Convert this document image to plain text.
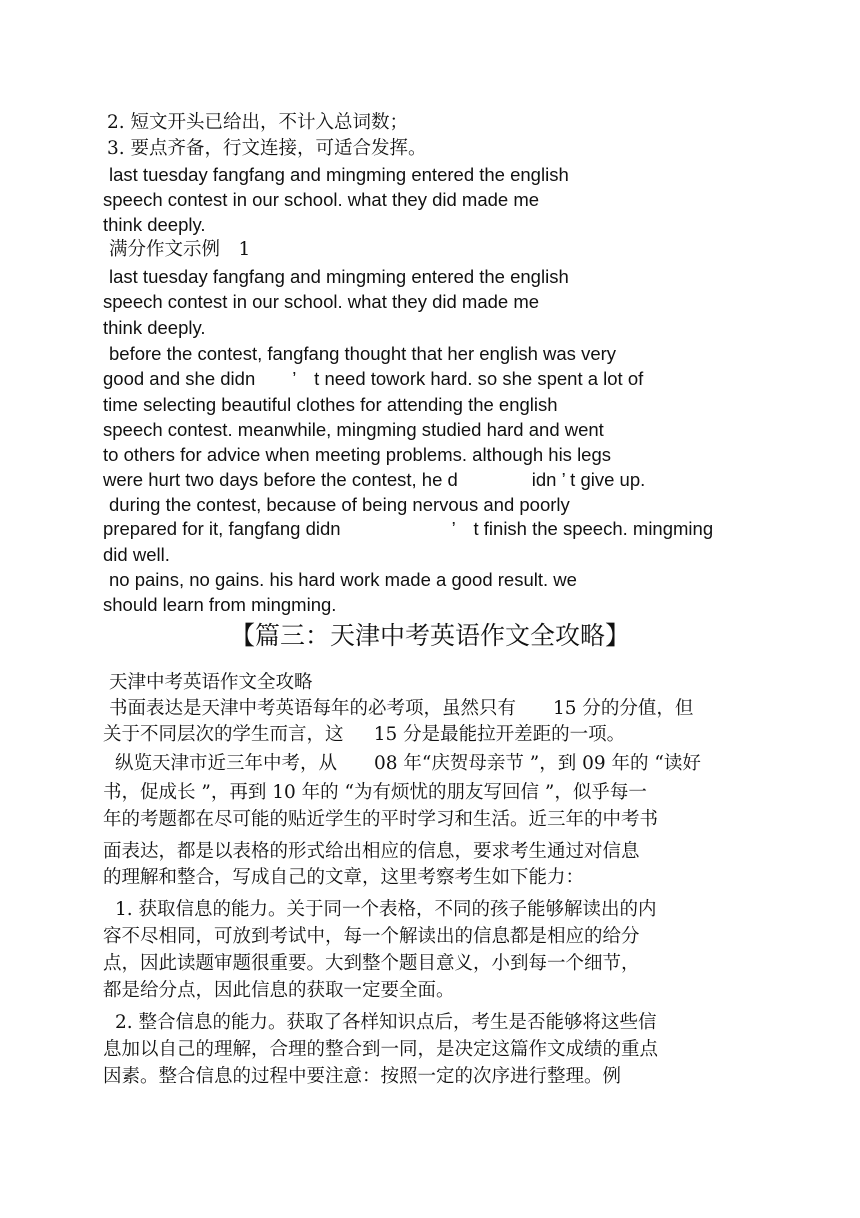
2. 短文开头已给出，不计入总词数；
3. 要点齐备，行文连接，可适合发挥。
last tuesday fangfang and mingming entered the english
speech contest in our school. what they did made me
think deeply.
满分作文示例　1
last tuesday fangfang and mingming entered the english
speech contest in our school. what they did made me
think deeply.
before the contest, fangfang thought that her english was very
good and she didn　　’　t need towork hard. so she spent a lot of
time selecting beautiful clothes for attending the english
speech contest. meanwhile, mingming studied hard and went
to others for advice when meeting problems. although his legs
were hurt two days before the contest, he d　　　　idn ’ t give up.
during the contest, because of being nervous and poorly
prepared for it, fangfang didn　　　　　　’　t finish the speech. mingming
did well.
no pains, no gains. his hard work made a good result. we
should learn from mingming.
【篇三：天津中考英语作文全攻略】
天津中考英语作文全攻略
书面表达是天津中考英语每年的必考项，虽然只有　　15 分的分值，但
关于不同层次的学生而言，这　  15 分是最能拉开差距的一项。
纵览天津市近三年中考，从　　08 年“庆贺母亲节 ”，到 09 年的 “读好
书，促成长 ”，再到 10 年的 “为有烦忧的朋友写回信 ”，似乎每一
年的考题都在尽可能的贴近学生的平时学习和生活。近三年的中考书
面表达，都是以表格的形式给出相应的信息，要求考生通过对信息
的理解和整合，写成自己的文章，这里考察考生如下能力：
1. 获取信息的能力。关于同一个表格，不同的孩子能够解读出的内
容不尽相同，可放到考试中，每一个解读出的信息都是相应的给分
点，因此读题审题很重要。大到整个题目意义，小到每一个细节，
都是给分点，因此信息的获取一定要全面。
2. 整合信息的能力。获取了各样知识点后，考生是否能够将这些信
息加以自己的理解，合理的整合到一同，是决定这篇作文成绩的重点
因素。整合信息的过程中要注意：按照一定的次序进行整理。例
